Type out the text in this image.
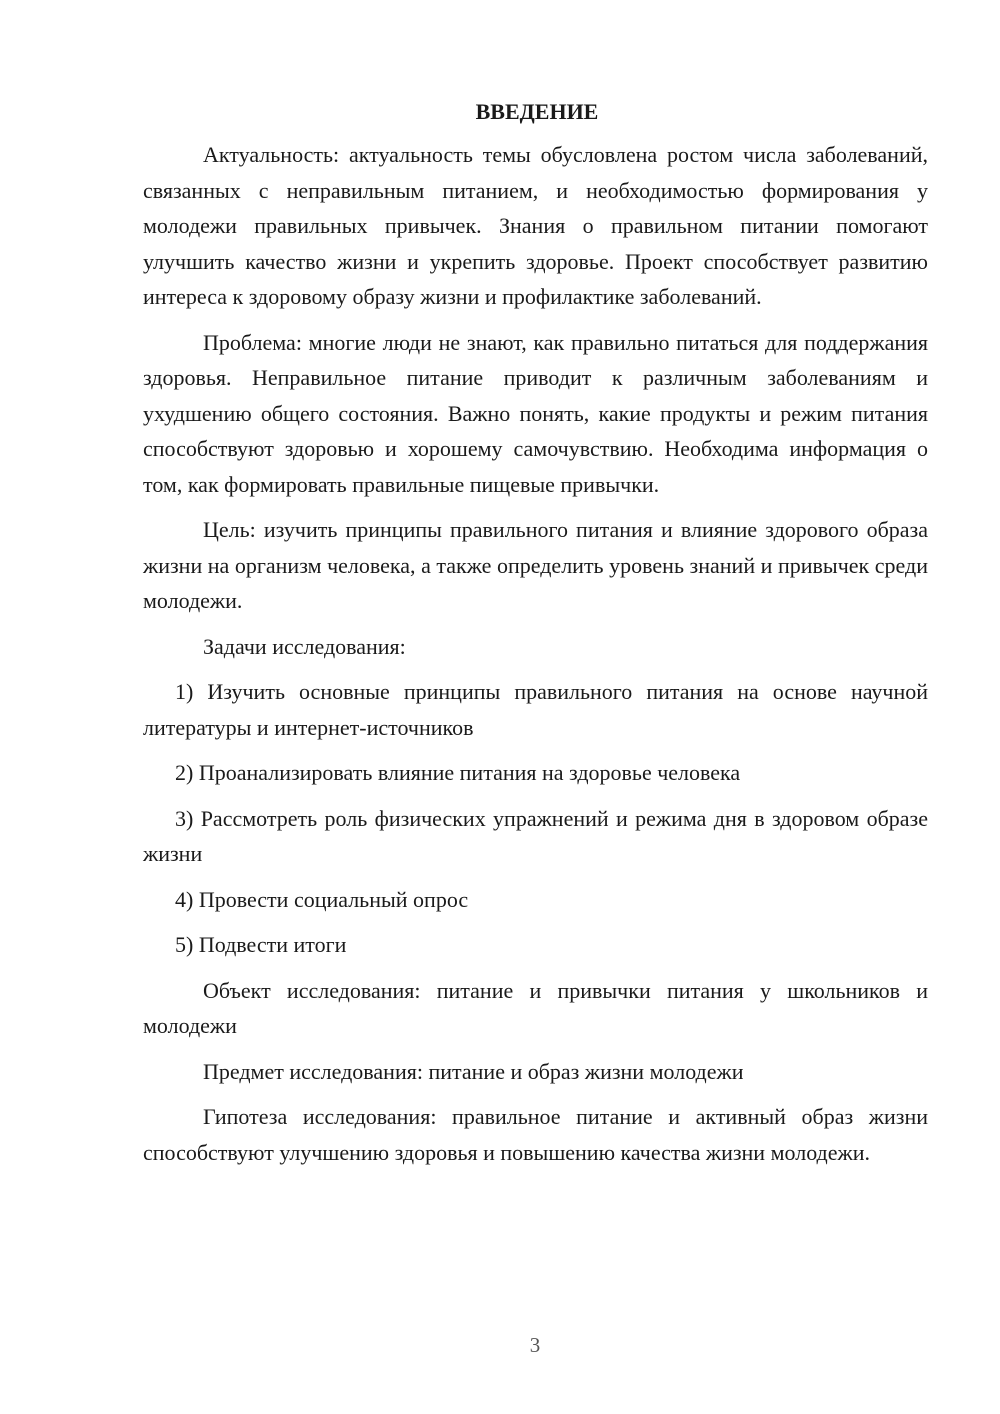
ВВЕДЕНИЕ

Актуальность: актуальность темы обусловлена ростом числа заболеваний, связанных с неправильным питанием, и необходимостью формирования у молодежи правильных привычек. Знания о правильном питании помогают улучшить качество жизни и укрепить здоровье. Проект способствует развитию интереса к здоровому образу жизни и профилактике заболеваний.

Проблема: многие люди не знают, как правильно питаться для поддержания здоровья. Неправильное питание приводит к различным заболеваниям и ухудшению общего состояния. Важно понять, какие продукты и режим питания способствуют здоровью и хорошему самочувствию. Необходима информация о том, как формировать правильные пищевые привычки.

Цель: изучить принципы правильного питания и влияние здорового образа жизни на организм человека, а также определить уровень знаний и привычек среди молодежи.

Задачи исследования:

1) Изучить основные принципы правильного питания на основе научной литературы и интернет-источников

2) Проанализировать влияние питания на здоровье человека

3) Рассмотреть роль физических упражнений и режима дня в здоровом образе жизни

4) Провести социальный опрос

5) Подвести итоги

Объект исследования: питание и привычки питания у школьников и молодежи

Предмет исследования: питание и образ жизни молодежи

Гипотеза исследования: правильное питание и активный образ жизни способствуют улучшению здоровья и повышению качества жизни молодежи.

3
